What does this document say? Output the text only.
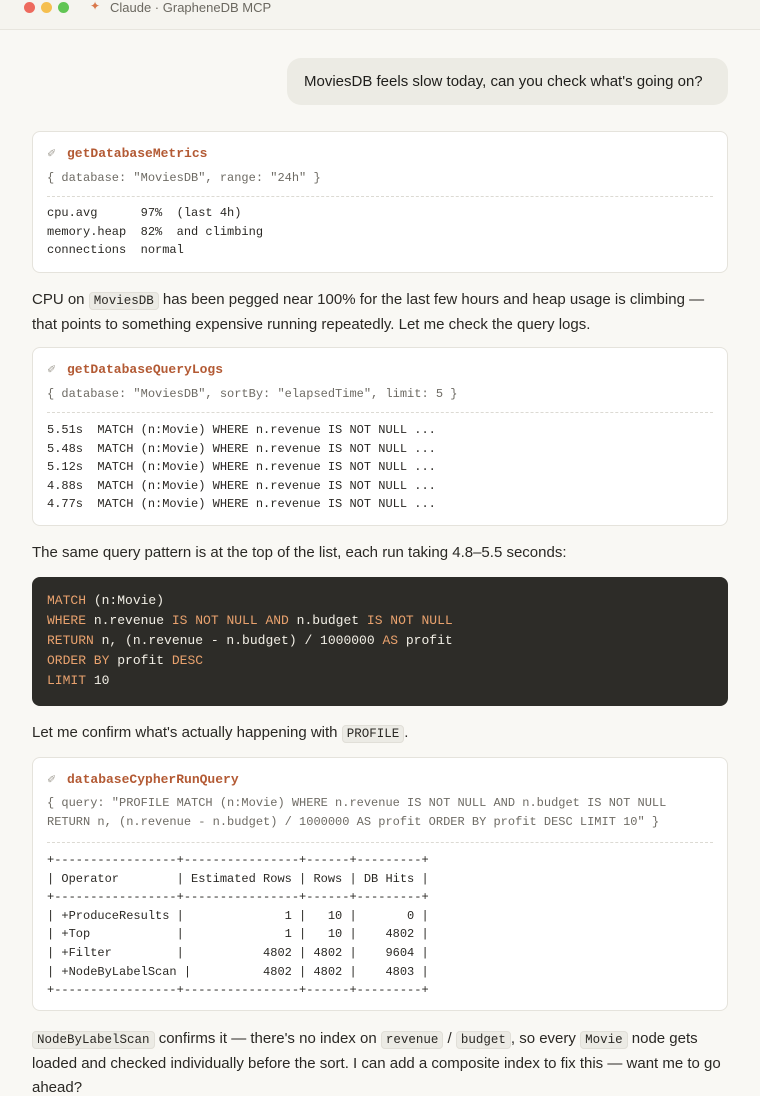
✦ Claude · GrapheneDB MCP
MoviesDB feels slow today, can you check what's going on?
✐ getDatabaseMetrics
{ database: "MoviesDB", range: "24h" }
cpu.avg      97%  (last 4h)
memory.heap  82%  and climbing
connections  normal
CPU on MoviesDB has been pegged near 100% for the last few hours and heap usage is climbing — that points to something expensive running repeatedly. Let me check the query logs.
✐ getDatabaseQueryLogs
{ database: "MoviesDB", sortBy: "elapsedTime", limit: 5 }
5.51s  MATCH (n:Movie) WHERE n.revenue IS NOT NULL ...
5.48s  MATCH (n:Movie) WHERE n.revenue IS NOT NULL ...
5.12s  MATCH (n:Movie) WHERE n.revenue IS NOT NULL ...
4.88s  MATCH (n:Movie) WHERE n.revenue IS NOT NULL ...
4.77s  MATCH (n:Movie) WHERE n.revenue IS NOT NULL ...
The same query pattern is at the top of the list, each run taking 4.8–5.5 seconds:
MATCH (n:Movie)
WHERE n.revenue IS NOT NULL AND n.budget IS NOT NULL
RETURN n, (n.revenue - n.budget) / 1000000 AS profit
ORDER BY profit DESC
LIMIT 10
Let me confirm what's actually happening with PROFILE .
✐ databaseCypherRunQuery
{ query: "PROFILE MATCH (n:Movie) WHERE n.revenue IS NOT NULL AND n.budget IS NOT NULL
RETURN n, (n.revenue - n.budget) / 1000000 AS profit ORDER BY profit DESC LIMIT 10" }
+-----------------+----------------+------+---------+
| Operator        | Estimated Rows | Rows | DB Hits |
+-----------------+----------------+------+---------+
| +ProduceResults |              1 |   10 |       0 |
| +Top            |              1 |   10 |    4802 |
| +Filter         |           4802 | 4802 |    9604 |
| +NodeByLabelScan |          4802 | 4802 |    4803 |
+-----------------+----------------+------+---------+
NodeByLabelScan confirms it — there's no index on revenue / budget , so every Movie node gets loaded and checked individually before the sort. I can add a composite index to fix this — want me to go ahead?
